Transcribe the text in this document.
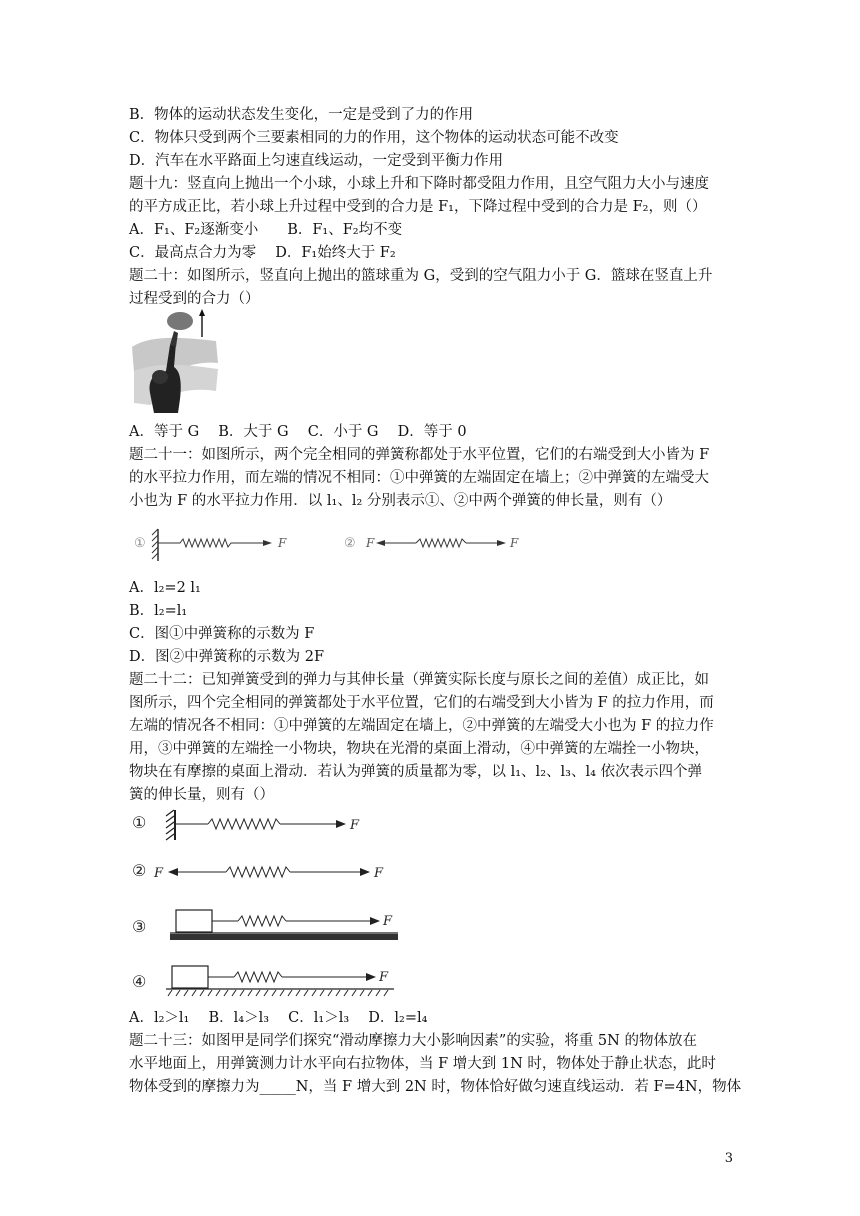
B．物体的运动状态发生变化，一定是受到了力的作用
C．物体只受到两个三要素相同的力的作用，这个物体的运动状态可能不改变
D．汽车在水平路面上匀速直线运动，一定受到平衡力作用
题十九：竖直向上抛出一个小球，小球上升和下降时都受阻力作用，且空气阻力大小与速度
的平方成正比，若小球上升过程中受到的合力是 F₁，下降过程中受到的合力是 F₂，则（）
A．F₁、F₂逐渐变小　　B．F₁、F₂均不变
C．最高点合力为零　 D．F₁始终大于 F₂
题二十：如图所示，竖直向上抛出的篮球重为 G，受到的空气阻力小于 G．篮球在竖直上升
过程受到的合力（）
A．等于 G　 B．大于 G　 C．小于 G　 D．等于 0
题二十一：如图所示，两个完全相同的弹簧称都处于水平位置，它们的右端受到大小皆为 F
的水平拉力作用，而左端的情况不相同：①中弹簧的左端固定在墙上；②中弹簧的左端受大
小也为 F 的水平拉力作用．以 l₁、l₂ 分别表示①、②中两个弹簧的伸长量，则有（）
①	F	② F	F
A．l₂=2 l₁
B．l₂=l₁
C．图①中弹簧称的示数为 F
D．图②中弹簧称的示数为 2F
题二十二：已知弹簧受到的弹力与其伸长量（弹簧实际长度与原长之间的差值）成正比，如
图所示，四个完全相同的弹簧都处于水平位置，它们的右端受到大小皆为 F 的拉力作用，而
左端的情况各不相同：①中弹簧的左端固定在墙上，②中弹簧的左端受大小也为 F 的拉力作
用，③中弹簧的左端拴一小物块，物块在光滑的桌面上滑动，④中弹簧的左端拴一小物块，
物块在有摩擦的桌面上滑动．若认为弹簧的质量都为零，以 l₁、l₂、l₃、l₄ 依次表示四个弹
簧的伸长量，则有（）
①	F
② F	F
③	F
④	F
A．l₂＞l₁　 B．l₄＞l₃　 C．l₁＞l₃　 D．l₂=l₄
题二十三：如图甲是同学们探究“滑动摩擦力大小影响因素”的实验，将重 5N 的物体放在
水平地面上，用弹簧测力计水平向右拉物体，当 F 增大到 1N 时，物体处于静止状态，此时
物体受到的摩擦力为_____N，当 F 增大到 2N 时，物体恰好做匀速直线运动．若 F=4N，物体
3
